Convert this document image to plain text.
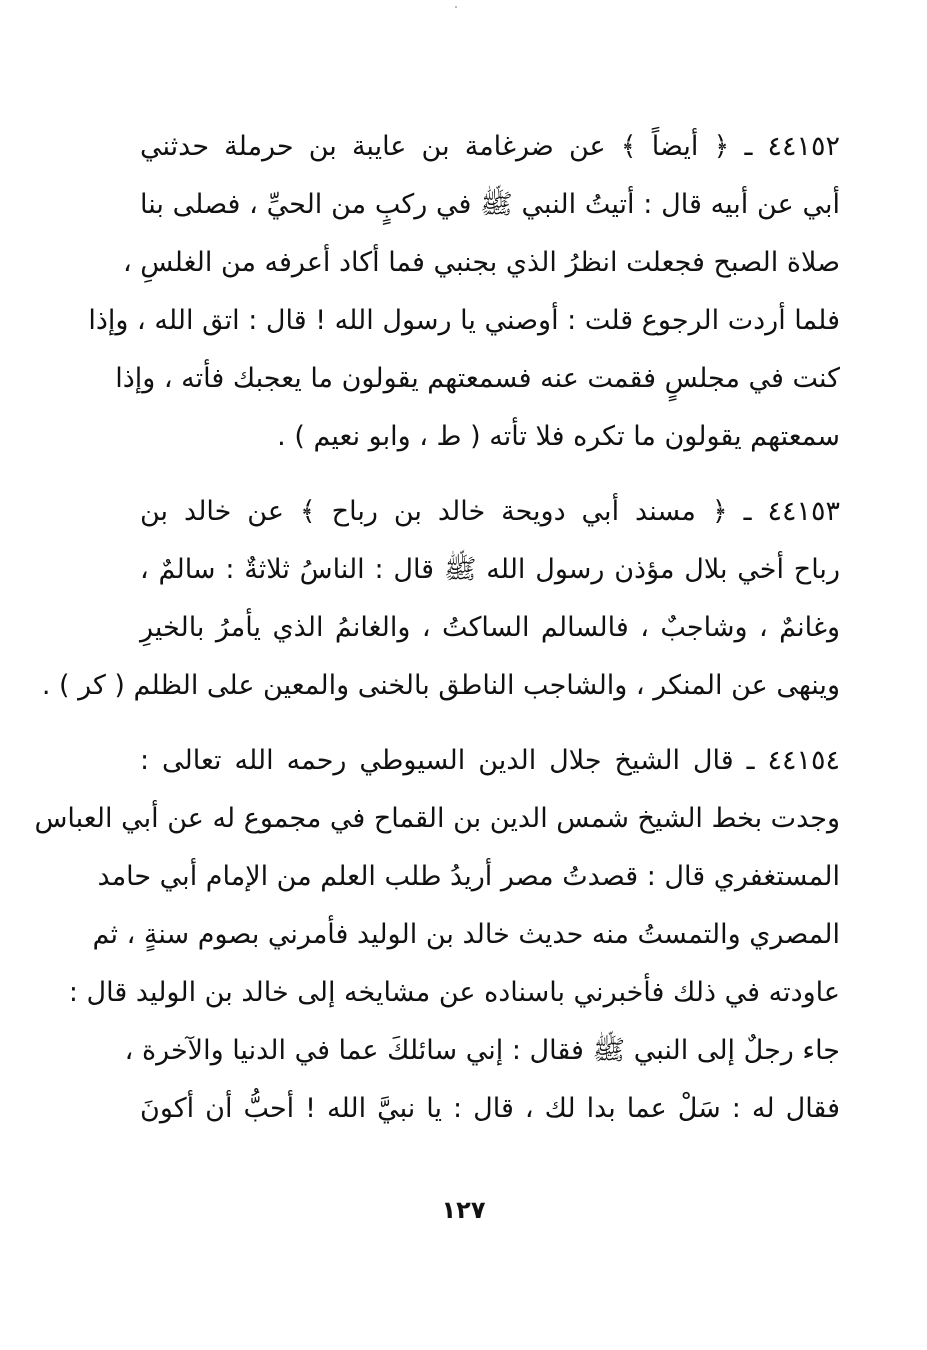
٤٤١٥٢ ـ ﴿ أيضاً ﴾ عن ضرغامة بن عايبة بن حرملة حدثني
أبي عن أبيه قال : أتيتُ النبي ﷺ في ركبٍ من الحيِّ ، فصلى بنا
صلاة الصبح فجعلت انظرُ الذي بجنبي فما أكاد أعرفه من الغلسِ ،
فلما أردت الرجوع قلت : أوصني يا رسول الله ! قال : اتق الله ، وإذا
كنت في مجلسٍ فقمت عنه فسمعتهم يقولون ما يعجبك فأته ، وإذا
سمعتهم يقولون ما تكره فلا تأته ( ط ، وابو نعيم ) .
٤٤١٥٣ ـ ﴿ مسند أبي دويحة خالد بن رباح ﴾ عن خالد بن
رباح أخي بلال مؤذن رسول الله ﷺ قال : الناسُ ثلاثةٌ : سالمٌ ،
وغانمٌ ، وشاجبٌ ، فالسالم الساكتُ ، والغانمُ الذي يأمرُ بالخيرِ
وينهى عن المنكر ، والشاجب الناطق بالخنى والمعين على الظلم ( كر ) .
٤٤١٥٤ ـ قال الشيخ جلال الدين السيوطي رحمه الله تعالى :
وجدت بخط الشيخ شمس الدين بن القماح في مجموع له عن أبي العباس
المستغفري قال : قصدتُ مصر أريدُ طلب العلم من الإمام أبي حامد
المصري والتمستُ منه حديث خالد بن الوليد فأمرني بصوم سنةٍ ، ثم
عاودته في ذلك فأخبرني باسناده عن مشايخه إلى خالد بن الوليد قال :
جاء رجلٌ إلى النبي ﷺ فقال : إني سائلكَ عما في الدنيا والآخرة ،
فقال له : سَلْ عما بدا لك ، قال : يا نبيَّ الله ! أحبُّ أن أكونَ
١٢٧
